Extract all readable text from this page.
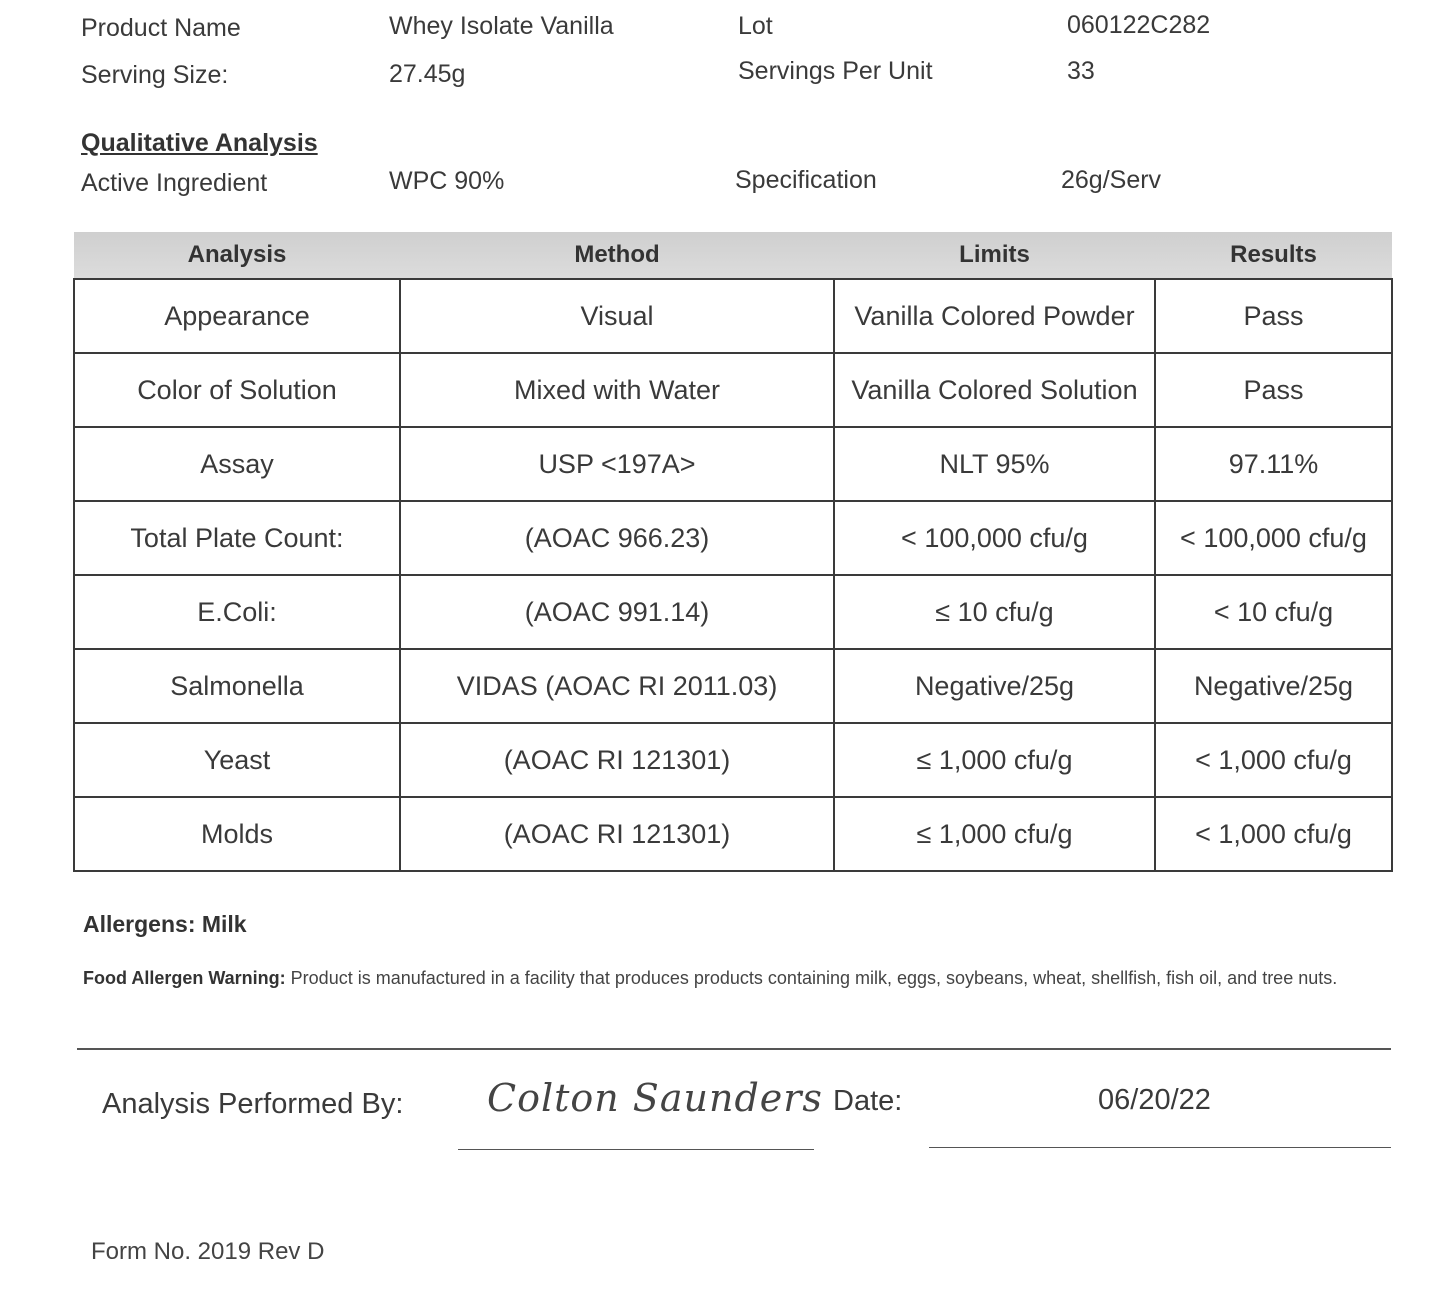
Product Name	Whey Isolate Vanilla	Lot	060122C282
Serving Size:	27.45g	Servings Per Unit	33
Qualitative Analysis
Active Ingredient	WPC 90%	Specification	26g/Serv
Analysis	Method	Limits	Results
Appearance	Visual	Vanilla Colored Powder	Pass
Color of Solution	Mixed with Water	Vanilla Colored Solution	Pass
Assay	USP <197A>	NLT 95%	97.11%
Total Plate Count:	(AOAC 966.23)	< 100,000 cfu/g	< 100,000 cfu/g
E.Coli:	(AOAC 991.14)	≤ 10 cfu/g	< 10 cfu/g
Salmonella	VIDAS (AOAC RI 2011.03)	Negative/25g	Negative/25g
Yeast	(AOAC RI 121301)	≤ 1,000 cfu/g	< 1,000 cfu/g
Molds	(AOAC RI 121301)	≤ 1,000 cfu/g	< 1,000 cfu/g
Allergens: Milk
Food Allergen Warning: Product is manufactured in a facility that produces products containing milk, eggs, soybeans, wheat, shellfish, fish oil, and tree nuts.
Analysis Performed By: Colton Saunders Date:	06/20/22
Form No. 2019 Rev D
